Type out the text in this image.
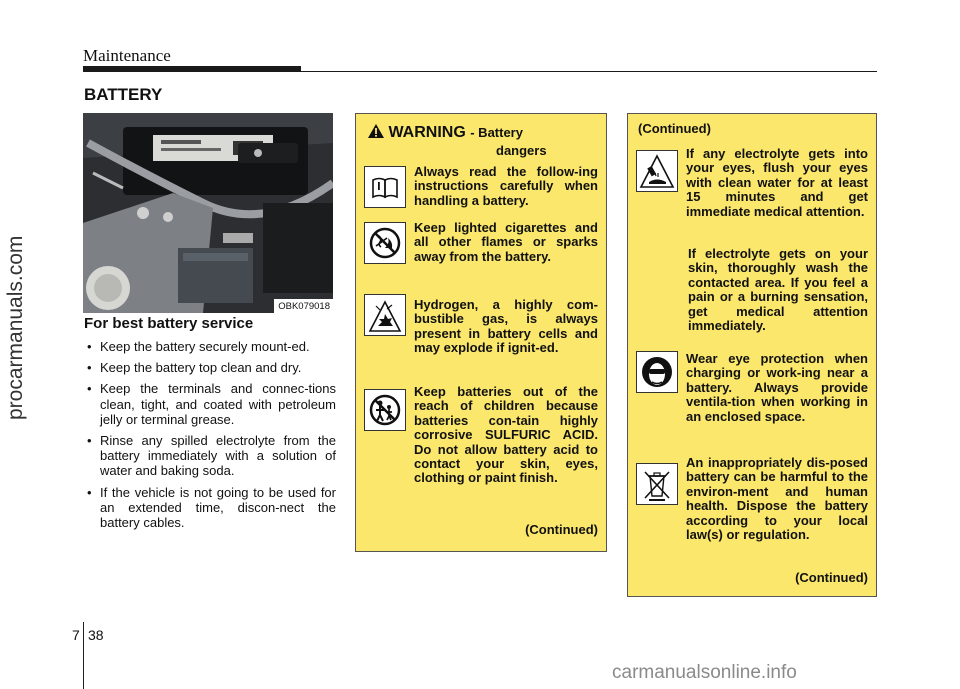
Maintenance
BATTERY
OBK079018
For best battery service
• Keep the battery securely mount-ed.
• Keep the battery top clean and dry.
• Keep the terminals and connec-tions clean, tight, and coated with petroleum jelly or terminal grease.
• Rinse any spilled electrolyte from the battery immediately with a solution of water and baking soda.
• If the vehicle is not going to be used for an extended time, discon-nect the battery cables.
WARNING - Battery
dangers
Always read the follow-ing instructions carefully when handling a battery.
Keep lighted cigarettes and all other flames or sparks away from the battery.
Hydrogen, a highly com-bustible gas, is always present in battery cells and may explode if ignit-ed.
Keep batteries out of the reach of children because batteries con-tain highly corrosive SULFURIC ACID. Do not allow battery acid to contact your skin, eyes, clothing or paint finish.
(Continued)
(Continued)
If any electrolyte gets into your eyes, flush your eyes with clean water for at least 15 minutes and get immediate medical attention.
If electrolyte gets on your skin, thoroughly wash the contacted area. If you feel a pain or a burning sensation, get medical attention immediately.
Wear eye protection when charging or work-ing near a battery. Always provide ventila-tion when working in an enclosed space.
An inappropriately dis-posed battery can be harmful to the environ-ment and human health. Dispose the battery according to your local law(s) or regulation.
(Continued)
7 38
procarmanuals.com
carmanualsonline.info
